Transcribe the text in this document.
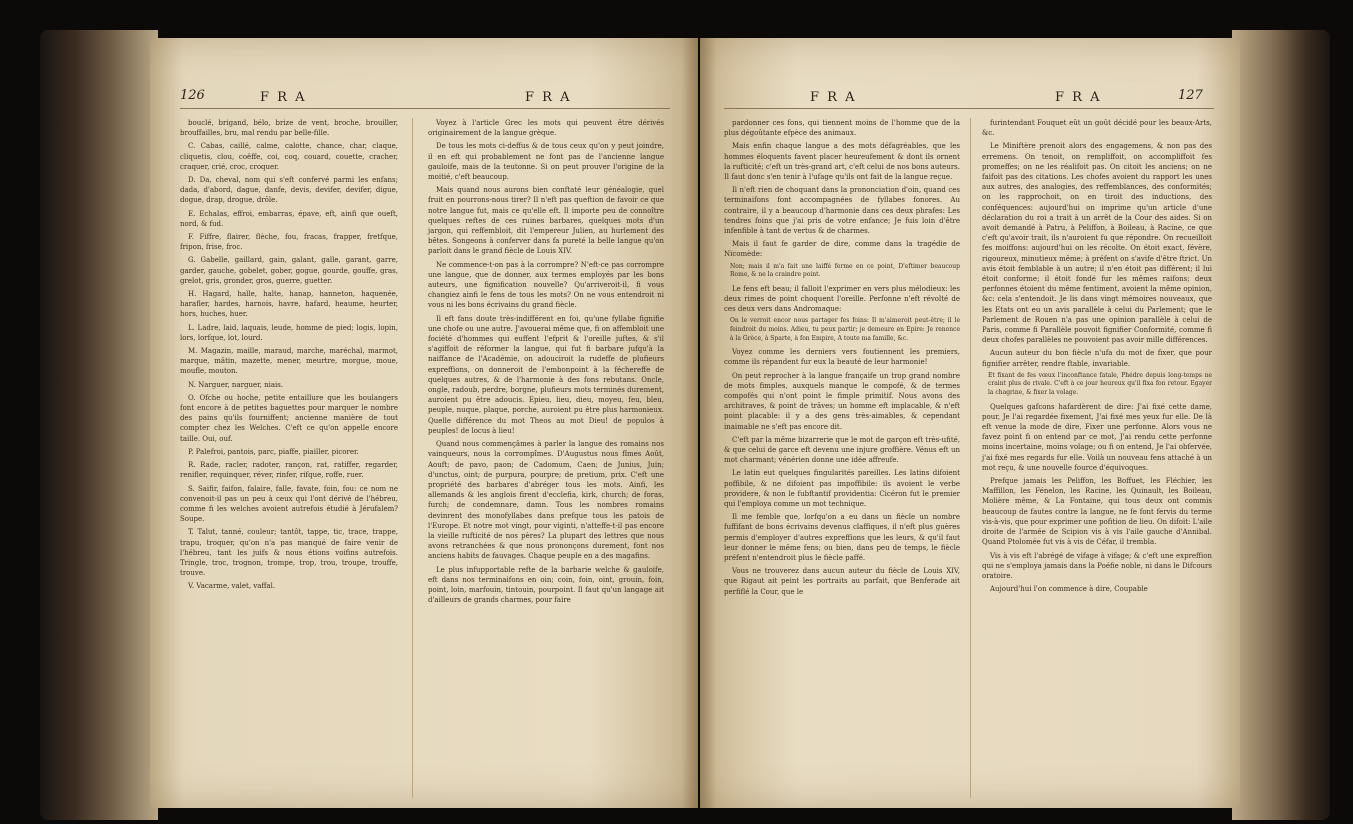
126	F R A	F R A

bouclé, brigand, bélo, brize de vent, broche, brouiller, brouffailles, bru, mal rendu par belle-fille.

C. Cabas, caillé, calme, calotte, chance, char, claque, cliquetis, clou, coëffe, coi, coq, couard, couette, cracher, craquer, crié, croc, croquer.

D. Da, cheval, nom qui s'eft confervé parmi les enfans; dada, d'abord, dague, danfe, devis, devifer, devifer, digue, dogue, drap, drogue, drôle.

E. Echalas, effroi, embarras, épave, eft, ainfi que oueft, nord, & fud.

F. Fiffre, flairer, flèche, fou, fracas, frapper, fretfque, fripon, frise, froc.

G. Gabelle, gaillard, gain, galant, galle, garant, garre, garder, gauche, gobelet, gober, gogue, gourde, gouffe, gras, grelot, gris, gronder, gros, guerre, guetter.

H. Hagard, halle, halte, hanap, hanneton, haquenée, harafler, hardes, harnois, havre, hafard, heaume, heurter, hors, huches, huer.

L. Ladre, laid, laquais, leude, homme de pied; logis, lopin, lors, lorfque, lot, lourd.

M. Magazin, maille, maraud, marche, maréchal, marmot, marque, mâtin, mazette, mener, meurtre, morgue, moue, moufle, mouton.

N. Narguer, narguer, niais.

O. Ofche ou hoche, petite entaillure que les boulangers font encore à de petites baguettes pour marquer le nombre des pains qu'ils fourniffent; ancienne manière de tout compter chez les Welches. C'eft ce qu'on appelle encore taille. Oui, ouf.

P. Palefroi, pantois, parc, piaffe, piailler, picorer.

R. Rade, racler, radoter, rançon, rat, ratiffer, regarder, renifler, requinquer, réver, rinfer, rifque, roffe, ruer.

S. Saifir, faifon, falaire, falle, favate, foin, fou: ce nom ne convenoit-il pas un peu à ceux qui l'ont dérivé de l'hébreu, comme fi les welches avoient autrefois étudié à Jérufalem? Soupe.

T. Talut, tanné, couleur; tantôt, tappe, tic, trace, trappe, trapu, troquer, qu'on n'a pas manqué de faire venir de l'hébreu, tant les juifs & nous étions voifins autrefois. Tringle, troc, trognon, trompe, trop, trou, troupe, trouffe, trouve.

V. Vacarme, valet, vaffal.

Voyez à l'article Grec les mots qui peuvent être dérivés originairement de la langue grèque.

De tous les mots ci-deffus & de tous ceux qu'on y peut joindre, il en eft qui probablement ne font pas de l'ancienne langue gauloife, mais de la teutonne. Si on peut prouver l'origine de la moitié, c'eft beaucoup.

Mais quand nous aurons bien conftaté leur généalogie, quel fruit en pourrons-nous tirer? Il n'eft pas queftion de favoir ce que notre langue fut, mais ce qu'elle eft. Il importe peu de connoître quelques reftes de ces ruines barbares, quelques mots d'un jargon, qui reffembloit, dit l'empereur Julien, au hurlement des bêtes. Songeons à conferver dans fa pureté la belle langue qu'on parloit dans le grand fiècle de Louis XIV.

Ne commence-t-on pas à la corrompre? N'eft-ce pas corrompre une langue, que de donner, aux termes employés par les bons auteurs, une fignification nouvelle? Qu'arriveroit-il, fi vous changiez ainfi le fens de tous les mots? On ne vous entendroit ni vous ni les bons écrivains du grand fiècle.

Il eft fans doute très-indifférent en foi, qu'une fyllabe fignifie une chofe ou une autre. J'avouerai même que, fi on affembloit une fociété d'hommes qui euffent l'efprit & l'oreille juftes, & s'il s'agiffoit de réformer la langue, qui fut fi barbare jufqu'à la naiffance de l'Académie, on adouciroit la rudeffe de plufieurs expreffions, on donneroit de l'embonpoint à la féchereffe de quelques autres, & de l'harmonie à des fons rebutans. Oncle, ongle, radoub, perdre, borgne, plufieurs mots terminés durement, auroient pu être adoucis. Epieu, lieu, dieu, moyeu, feu, bleu, peuple, nuque, plaque, porche, auroient pu être plus harmonieux. Quelle différence du mot Theos au mot Dieu! de populos à peuples! de locus à lieu!

Quand nous commençâmes à parler la langue des romains nos vainqueurs, nous la corrompîmes. D'Augustus nous fîmes Août, Aouft; de pavo, paon; de Cadomum, Caen; de Junius, Juin; d'unctus, oint; de purpura, pourpre; de pretium, prix. C'eft une propriété des barbares d'abréger tous les mots. Ainfi, les allemands & les anglois firent d'ecclefia, kirk, church; de foras, furch; de condemnare, damn. Tous les nombres romains devinrent des monofyllabes dans prefque tous les patois de l'Europe. Et notre mot vingt, pour viginti, n'atteffe-t-il pas encore la vieille rufticité de nos pères? La plupart des lettres que nous avons retranchées & que nous prononçons durement, font nos anciens habits de fauvages. Chaque peuple en a des magafins.

Le plus infupportable refte de la barbarie welche & gauloife, eft dans nos terminaifons en oin; coin, foin, oint, grouin, foin, point, loin, marfouin, tintouin, pourpoint. Il faut qu'un langage ait d'ailleurs de grands charmes, pour faire

F R A	F R A	127

pardonner ces fons, qui tiennent moins de l'homme que de la plus dégoûtante efpèce des animaux.

Mais enfin chaque langue a des mots défagréables, que les hommes éloquents favent placer heureufement & dont ils ornent la rufticité; c'eft un très-grand art, c'eft celui de nos bons auteurs. Il faut donc s'en tenir à l'ufage qu'ils ont fait de la langue reçue.

Il n'eft rien de choquant dans la prononciation d'oin, quand ces terminaifons font accompagnées de fyllabes fonores. Au contraire, il y a beaucoup d'harmonie dans ces deux phrafes: Les tendres foins que j'ai pris de votre enfance; Je fuis loin d'être infenfible à tant de vertus & de charmes.

Mais il faut fe garder de dire, comme dans la tragédie de Nicomède:

Non; mais il m'a fait une laiffé ferme en ce point, D'eftimer beaucoup Rome, & ne la craindre point.

Le fens eft beau; il falloit l'exprimer en vers plus mélodieux: les deux rimes de point choquent l'oreille. Perfonne n'eft révolté de ces deux vers dans Andromaque:

On le verroit encor nous partager fes foins: Il m'aimeroit peut-être; il le feindroit du moins. Adieu, tu peux partir; je demeure en Epire: Je renonce à la Grèce, à Sparte, à fon Empire, A toute ma famille, &c.

Voyez comme les derniers vers foutiennent les premiers, comme ils répandent fur eux la beauté de leur harmonie!

On peut reprocher à la langue françaife un trop grand nombre de mots fimples, auxquels manque le compofé, & de termes compofés qui n'ont point le fimple primitif. Nous avons des architraves, & point de trâves; un homme eft implacable, & n'eft point placable: il y a des gens très-aimables, & cependant inaimable ne s'eft pas encore dit.

C'eft par la même bizarrerie que le mot de garçon eft très-ufité, & que celui de garce eft devenu une injure groffière. Vénus eft un mot charmant; vénérien donne une idée affreufe.

Le latin eut quelques fingularités pareilles. Les latins difoient poffibile, & ne difoient pas impoffibile: ils avoient le verbe providere, & non le fubftantif providentia: Cicéron fut le premier qui l'employa comme un mot technique.

Il me femble que, lorfqu'on a eu dans un fiècle un nombre fuffifant de bons écrivains devenus claffiques, il n'eft plus guères permis d'employer d'autres expreffions que les leurs, & qu'il faut leur donner le même fens; ou bien, dans peu de temps, le fiècle préfent n'entendroit plus le fiècle paffé.

Vous ne trouverez dans aucun auteur du fiècle de Louis XIV, que Rigaut ait peint les portraits au parfait, que Benferade ait perfiflé la Cour, que le

furintendant Fouquet eût un goût décidé pour les beaux-Arts, &c.

Le Miniftère prenoit alors des engagemens, & non pas des erremens. On tenoit, on rempliffoit, on accompliffoit fes promeffes; on ne les réalifoit pas. On citoit les anciens; on ne faifoit pas des citations. Les chofes avoient du rapport les unes aux autres, des analogies, des reffemblances, des conformités; on les rapprochoit, on en tiroit des inductions, des conféquences: aujourd'hui on imprime qu'un article d'une déclaration du roi a trait à un arrêt de la Cour des aides. Si on avoit demandé à Patru, à Peliffon, à Boileau, à Racine, ce que c'eft qu'avoir trait, ils n'auroient fu que répondre. On recueilloit fes moiffons: aujourd'hui on les récolte. On étoit exact, févère, rigoureux, minutieux même; à préfent on s'avife d'être ftrict. Un avis étoit femblable à un autre; il n'en étoit pas différent; il lui étoit conforme; il étoit fondé fur les mêmes raifons; deux perfonnes étoient du même fentiment, avoient la même opinion, &c: cela s'entendoit. Je lis dans vingt mémoires nouveaux, que les Etats ont eu un avis parallèle à celui du Parlement; que le Parlement de Rouen n'a pas une opinion parallèle à celui de Paris, comme fi Parallèle pouvoit fignifier Conformité, comme fi deux chofes parallèles ne pouvoient pas avoir mille différences.

Aucun auteur du bon fiècle n'ufa du mot de fixer, que pour fignifier arrêter, rendre ftable, invariable.

Et fixant de fes vœux l'inconftance fatale, Phédre depuis long-temps ne craint plus de rivale. C'eft à ce jour heureux qu'il fixa fon retour. Egayer la chagrine, & fixer la volage.

Quelques gafcons hafardèrent de dire: J'ai fixé cette dame, pour, Je l'ai regardée fixement, J'ai fixé mes yeux fur elle. De là eft venue la mode de dire, Fixer une perfonne. Alors vous ne favez point fi on entend par ce mot, J'ai rendu cette perfonne moins incertaine, moins volage; ou fi on entend, Je l'ai obfervée, j'ai fixé mes regards fur elle. Voilà un nouveau fens attaché à un mot reçu, & une nouvelle fource d'équivoques.

Prefque jamais les Peliffon, les Boffuet, les Fléchier, les Maffillon, les Fénelon, les Racine, les Quinault, les Boileau, Molière même, & La Fontaine, qui tous deux ont commis beaucoup de fautes contre la langue, ne fe font fervis du terme vis-à-vis, que pour exprimer une pofition de lieu. On difoit: L'aile droite de l'armée de Scipion vis à vis l'aile gauche d'Annibal. Quand Ptolomée fut vis à vis de Céfar, il trembla.

Vis à vis eft l'abrégé de vifage à vifage; & c'eft une expreffion qui ne s'employa jamais dans la Poéfie noble, ni dans le Difcours oratoire.

Aujourd'hui l'on commence à dire, Coupable
